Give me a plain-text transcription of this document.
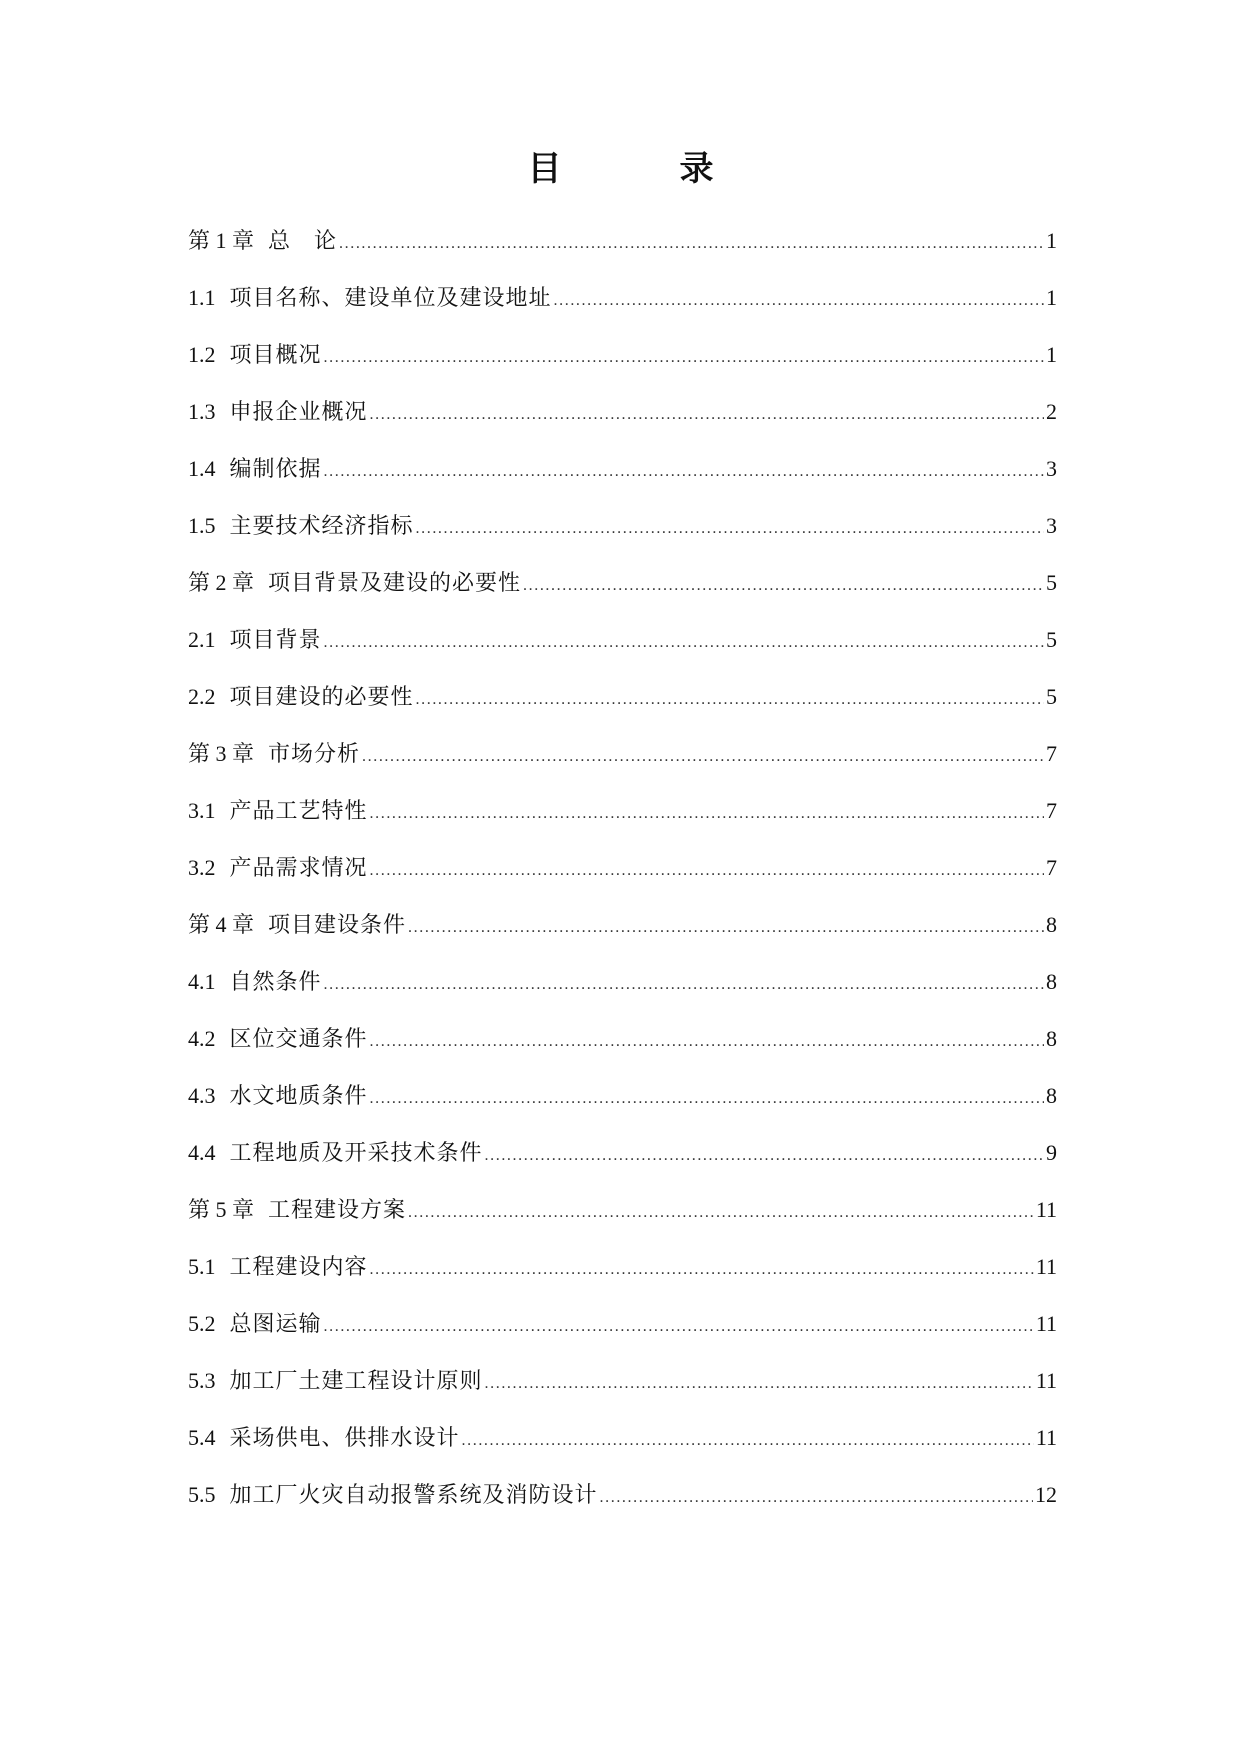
目　录
第 1 章 总　论 .....	1
1.1 项目名称、建设单位及建设地址 .....	1
1.2 项目概况 .....	1
1.3 申报企业概况 .....	2
1.4 编制依据 .....	3
1.5 主要技术经济指标 .....	3
第 2 章 项目背景及建设的必要性 .....	5
2.1 项目背景 .....	5
2.2 项目建设的必要性 .....	5
第 3 章 市场分析 .....	7
3.1 产品工艺特性 .....	7
3.2 产品需求情况 .....	7
第 4 章 项目建设条件 .....	8
4.1 自然条件 .....	8
4.2 区位交通条件 .....	8
4.3 水文地质条件 .....	8
4.4 工程地质及开采技术条件 .....	9
第 5 章 工程建设方案 .....	11
5.1 工程建设内容 .....	11
5.2 总图运输 .....	11
5.3 加工厂土建工程设计原则 .....	11
5.4 采场供电、供排水设计 .....	11
5.5 加工厂火灾自动报警系统及消防设计 .....	12
